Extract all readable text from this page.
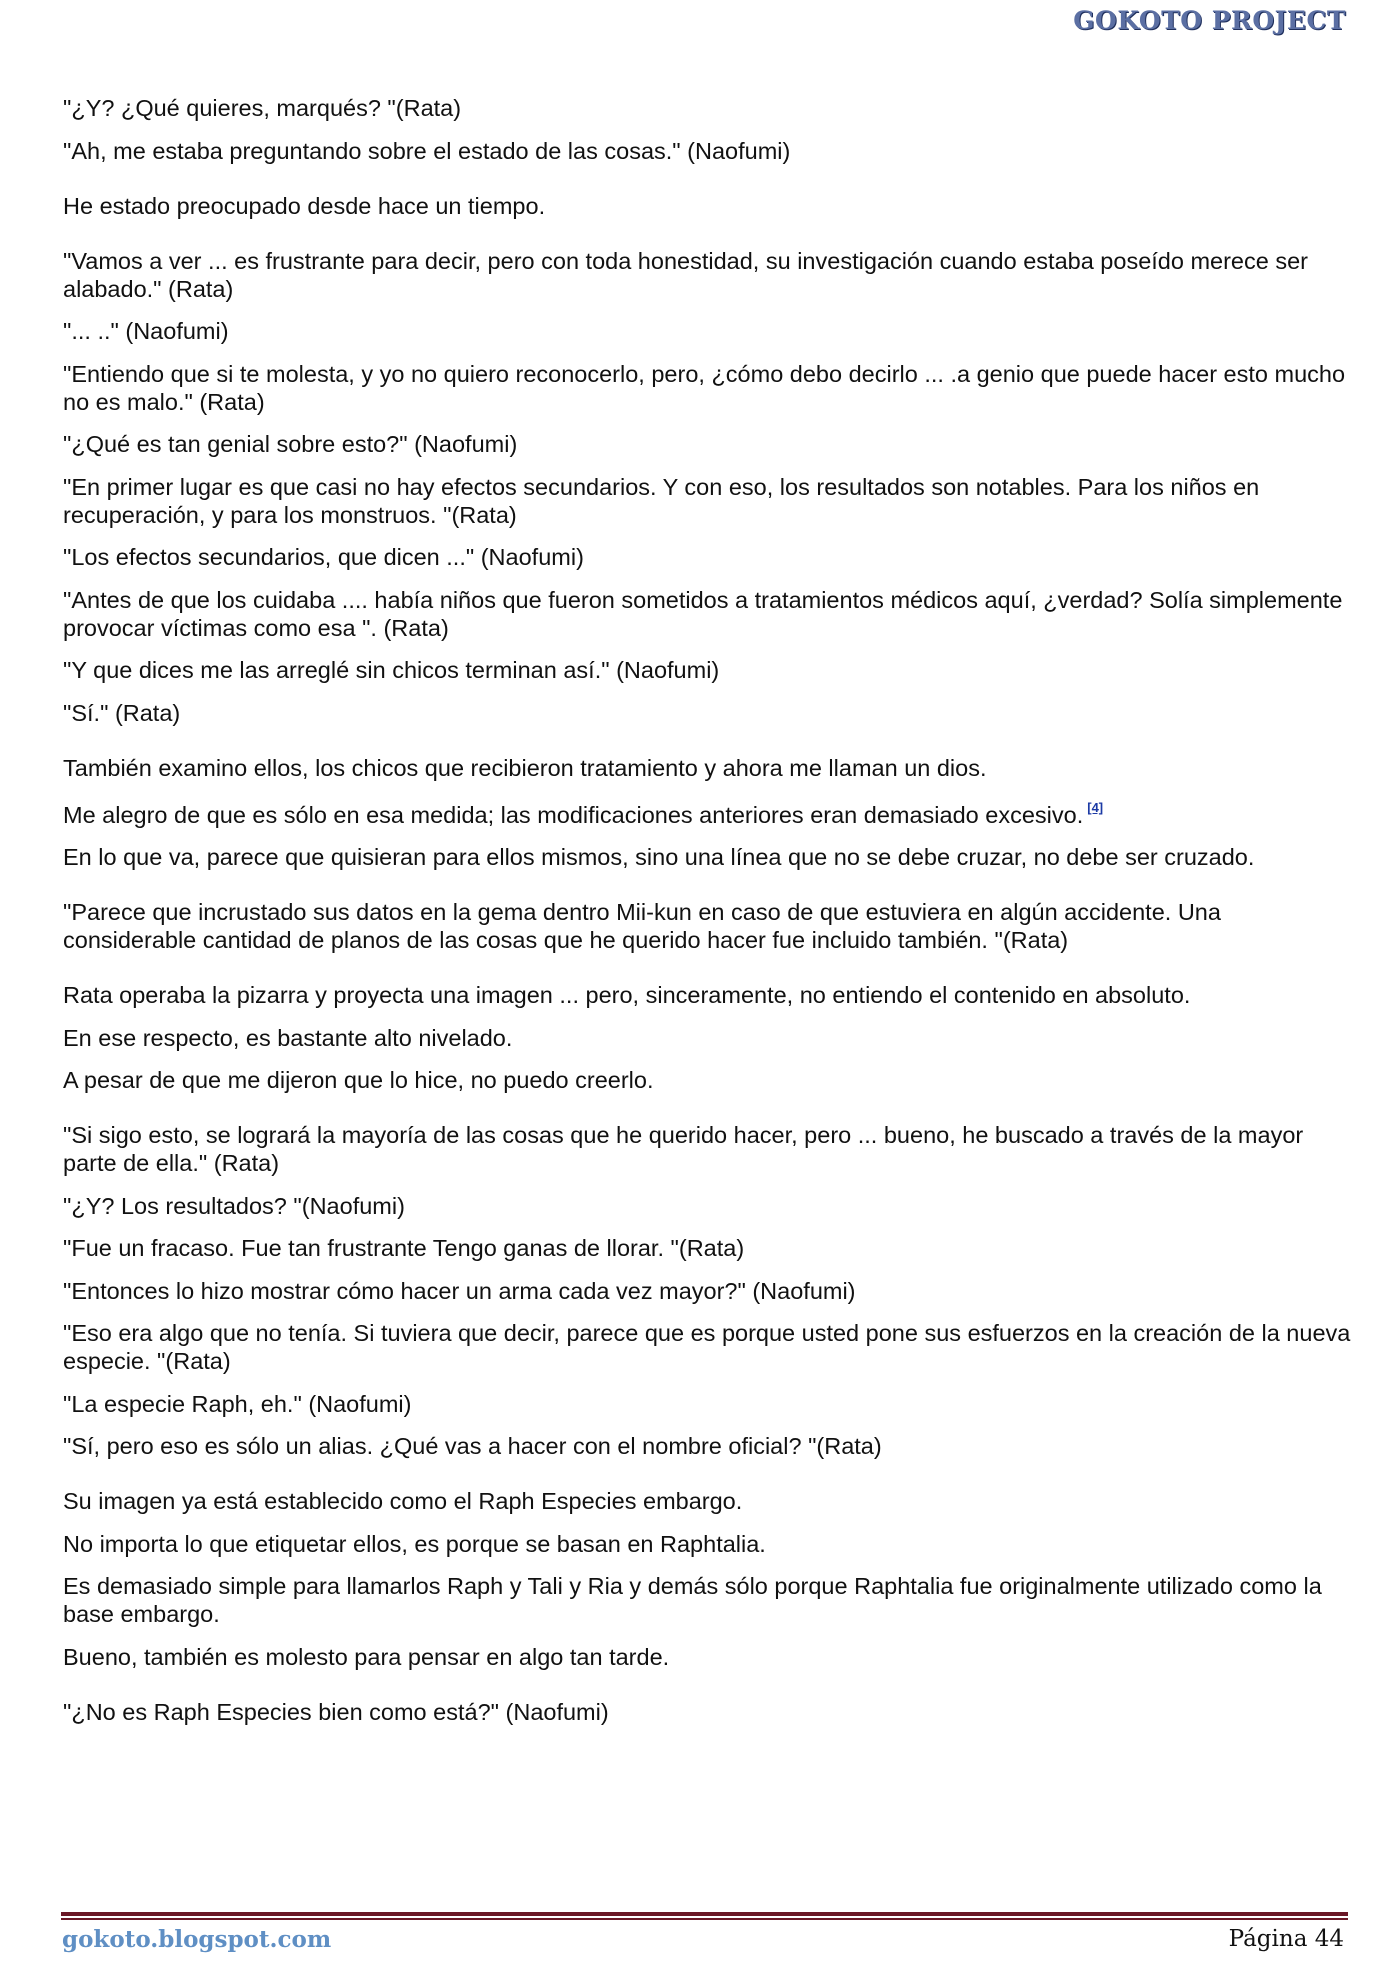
GOKOTO PROJECT

"¿Y? ¿Qué quieres, marqués? "(Rata)

"Ah, me estaba preguntando sobre el estado de las cosas." (Naofumi)

He estado preocupado desde hace un tiempo.

"Vamos a ver ... es frustrante para decir, pero con toda honestidad, su investigación cuando estaba poseído merece ser alabado." (Rata)

"... .." (Naofumi)

"Entiendo que si te molesta, y yo no quiero reconocerlo, pero, ¿cómo debo decirlo ... .a genio que puede hacer esto mucho no es malo." (Rata)

"¿Qué es tan genial sobre esto?" (Naofumi)

"En primer lugar es que casi no hay efectos secundarios. Y con eso, los resultados son notables. Para los niños en recuperación, y para los monstruos. "(Rata)

"Los efectos secundarios, que dicen ..." (Naofumi)

"Antes de que los cuidaba .... había niños que fueron sometidos a tratamientos médicos aquí, ¿verdad? Solía simplemente provocar víctimas como esa ". (Rata)

"Y que dices me las arreglé sin chicos terminan así." (Naofumi)

"Sí." (Rata)

También examino ellos, los chicos que recibieron tratamiento y ahora me llaman un dios.

Me alegro de que es sólo en esa medida; las modificaciones anteriores eran demasiado excesivo. [4]

En lo que va, parece que quisieran para ellos mismos, sino una línea que no se debe cruzar, no debe ser cruzado.

"Parece que incrustado sus datos en la gema dentro Mii-kun en caso de que estuviera en algún accidente. Una considerable cantidad de planos de las cosas que he querido hacer fue incluido también. "(Rata)

Rata operaba la pizarra y proyecta una imagen ... pero, sinceramente, no entiendo el contenido en absoluto.

En ese respecto, es bastante alto nivelado.

A pesar de que me dijeron que lo hice, no puedo creerlo.

"Si sigo esto, se logrará la mayoría de las cosas que he querido hacer, pero ... bueno, he buscado a través de la mayor parte de ella." (Rata)

"¿Y? Los resultados? "(Naofumi)

"Fue un fracaso. Fue tan frustrante Tengo ganas de llorar. "(Rata)

"Entonces lo hizo mostrar cómo hacer un arma cada vez mayor?" (Naofumi)

"Eso era algo que no tenía. Si tuviera que decir, parece que es porque usted pone sus esfuerzos en la creación de la nueva especie. "(Rata)

"La especie Raph, eh." (Naofumi)

"Sí, pero eso es sólo un alias. ¿Qué vas a hacer con el nombre oficial? "(Rata)

Su imagen ya está establecido como el Raph Especies embargo.

No importa lo que etiquetar ellos, es porque se basan en Raphtalia.

Es demasiado simple para llamarlos Raph y Tali y Ria y demás sólo porque Raphtalia fue originalmente utilizado como la base embargo.

Bueno, también es molesto para pensar en algo tan tarde.

"¿No es Raph Especies bien como está?" (Naofumi)

gokoto.blogspot.com	Página 44
